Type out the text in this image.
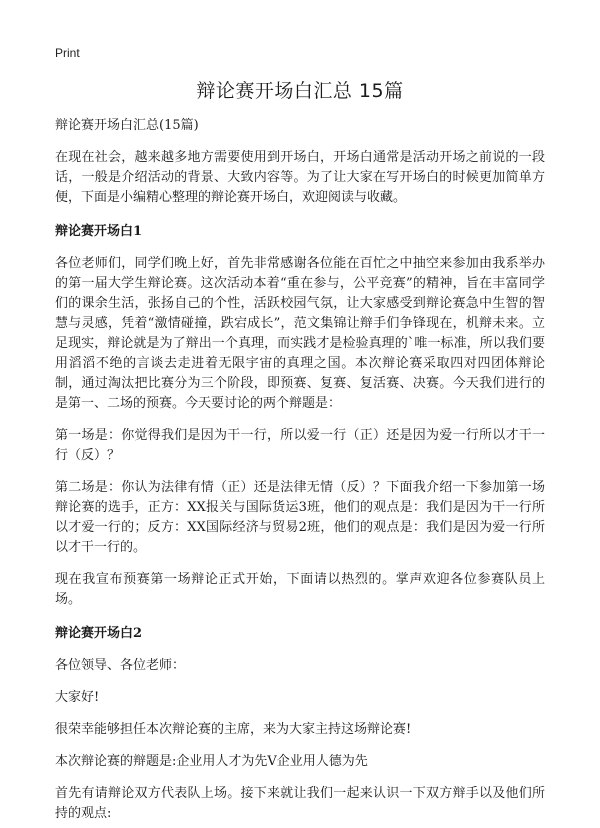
Print
辩论赛开场白汇总 15篇

辩论赛开场白汇总(15篇)

在现在社会，越来越多地方需要使用到开场白，开场白通常是活动开场之前说的一段话，一般是介绍活动的背景、大致内容等。为了让大家在写开场白的时候更加简单方便，下面是小编精心整理的辩论赛开场白，欢迎阅读与收藏。

辩论赛开场白1

各位老师们，同学们晚上好，首先非常感谢各位能在百忙之中抽空来参加由我系举办的第一届大学生辩论赛。这次活动本着“重在参与，公平竞赛”的精神，旨在丰富同学们的课余生活，张扬自己的个性，活跃校园气氛，让大家感受到辩论赛急中生智的智慧与灵感，凭着“激情碰撞，跌宕成长”，范文集锦让辩手们争锋现在，机辩未来。立足现实，辩论就是为了辩出一个真理，而实践才是检验真理的`唯一标准，所以我们要用滔滔不绝的言谈去走进着无限宇宙的真理之国。本次辩论赛采取四对四团体辩论制，通过淘汰把比赛分为三个阶段，即预赛、复赛、复活赛、决赛。今天我们进行的是第一、二场的预赛。今天要讨论的两个辩题是：

第一场是：你觉得我们是因为干一行，所以爱一行（正）还是因为爱一行所以才干一行（反）？

第二场是：你认为法律有情（正）还是法律无情（反）？下面我介绍一下参加第一场辩论赛的选手，正方：XX报关与国际货运3班，他们的观点是：我们是因为干一行所以才爱一行的；反方：XX国际经济与贸易2班，他们的观点是：我们是因为爱一行所以才干一行的。

现在我宣布预赛第一场辩论正式开始，下面请以热烈的。掌声欢迎各位参赛队员上场。

辩论赛开场白2

各位领导、各位老师：

大家好!

很荣幸能够担任本次辩论赛的主席，来为大家主持这场辩论赛!

本次辩论赛的辩题是:企业用人才为先V企业用人德为先

首先有请辩论双方代表队上场。接下来就让我们一起来认识一下双方辩手以及他们所持的观点:
